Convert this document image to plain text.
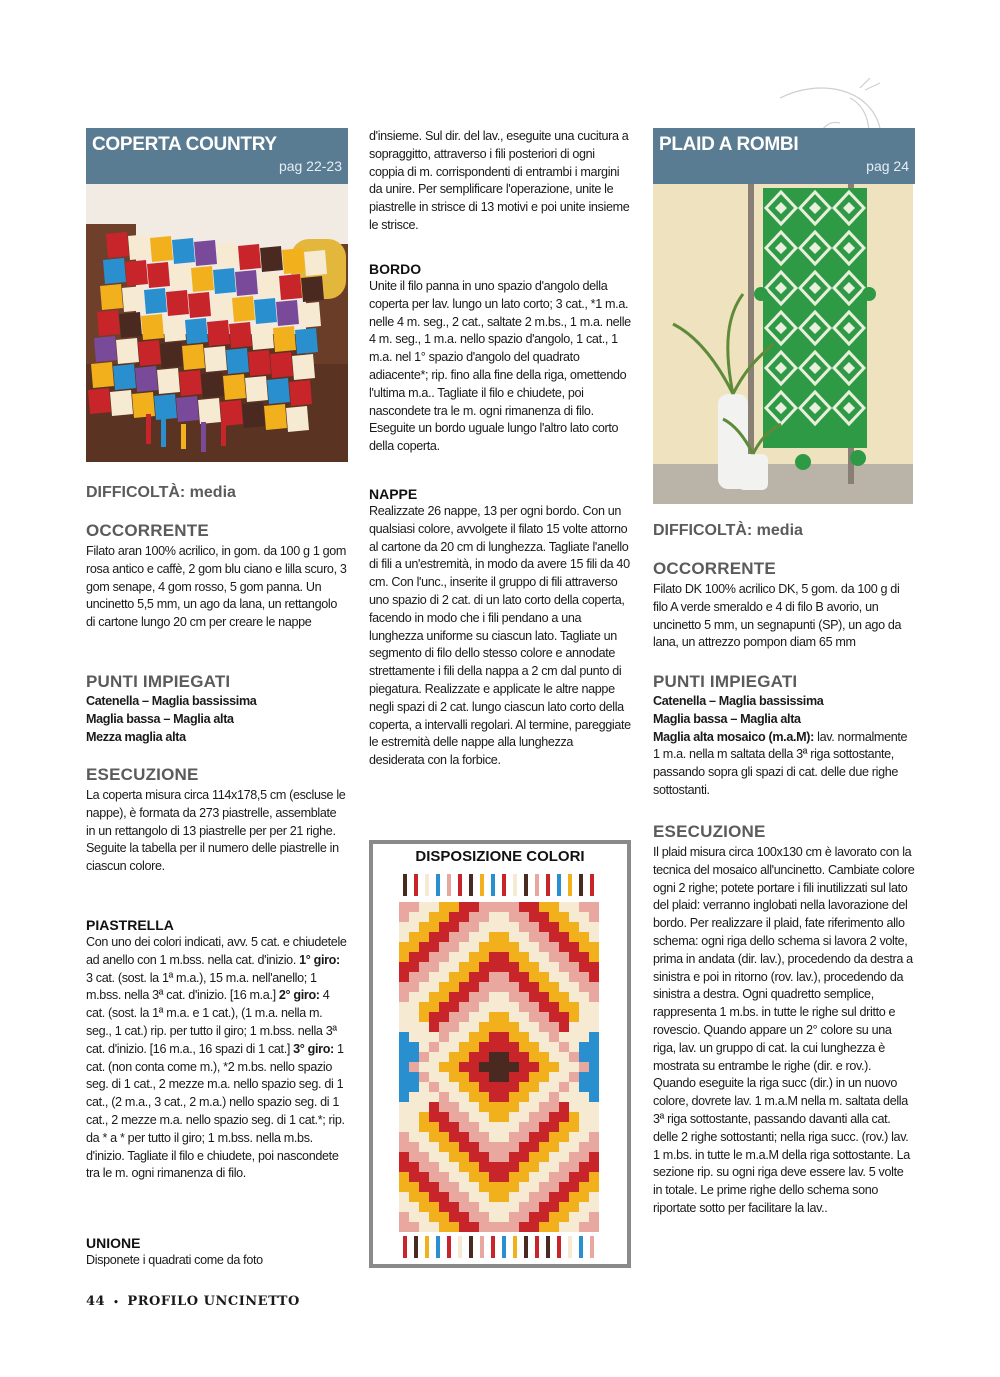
COPERTA COUNTRY
pag 22-23

DIFFICOLTÀ: media

OCCORRENTE

Filato aran 100% acrilico, in gom. da 100 g 1 gom rosa antico e caffè, 2 gom blu ciano e lilla scuro, 3 gom senape, 4 gom rosso, 5 gom panna. Un uncinetto 5,5 mm, un ago da lana, un rettangolo di cartone lungo 20 cm per creare le nappe

PUNTI IMPIEGATI

Catenella – Maglia bassissima

Maglia bassa – Maglia alta

Mezza maglia alta

ESECUZIONE

La coperta misura circa 114x178,5 cm (escluse le nappe), è formata da 273 piastrelle, assemblate in un rettangolo di 13 piastrelle per per 21 righe.

Seguite la tabella per il numero delle piastrelle in ciascun colore.

PIASTRELLA

Con uno dei colori indicati, avv. 5 cat. e chiudetele ad anello con 1 m.bss. nella cat. d'inizio. 1° giro: 3 cat. (sost. la 1ª m.a.), 15 m.a. nell'anello; 1 m.bss. nella 3ª cat. d'inizio. [16 m.a.] 2° giro: 4 cat. (sost. la 1ª m.a. e 1 cat.), (1 m.a. nella m. seg., 1 cat.) rip. per tutto il giro; 1 m.bss. nella 3ª cat. d'inizio. [16 m.a., 16 spazi di 1 cat.] 3° giro: 1 cat. (non conta come m.), *2 m.bs. nello spazio seg. di 1 cat., 2 mezze m.a. nello spazio seg. di 1 cat., (2 m.a., 3 cat., 2 m.a.) nello spazio seg. di 1 cat., 2 mezze m.a. nello spazio seg. di 1 cat.*; rip. da * a * per tutto il giro; 1 m.bss. nella m.bs. d'inizio. Tagliate il filo e chiudete, poi nascondete tra le m. ogni rimanenza di filo.

UNIONE

Disponete i quadrati come da foto

d'insieme. Sul dir. del lav., eseguite una cucitura a sopraggitto, attraverso i fili posteriori di ogni coppia di m. corrispondenti di entrambi i margini da unire. Per semplificare l'operazione, unite le piastrelle in strisce di 13 motivi e poi unite insieme le strisce.

BORDO

Unite il filo panna in uno spazio d'angolo della coperta per lav. lungo un lato corto; 3 cat., *1 m.a. nelle 4 m. seg., 2 cat., saltate 2 m.bs., 1 m.a. nelle 4 m. seg., 1 m.a. nello spazio d'angolo, 1 cat., 1 m.a. nel 1° spazio d'angolo del quadrato adiacente*; rip. fino alla fine della riga, omettendo l'ultima m.a.. Tagliate il filo e chiudete, poi nascondete tra le m. ogni rimanenza di filo. Eseguite un bordo uguale lungo l'altro lato corto della coperta.

NAPPE

Realizzate 26 nappe, 13 per ogni bordo. Con un qualsiasi colore, avvolgete il filato 15 volte attorno al cartone da 20 cm di lunghezza. Tagliate l'anello di fili a un'estremità, in modo da avere 15 fili da 40 cm. Con l'unc., inserite il gruppo di fili attraverso uno spazio di 2 cat. di un lato corto della coperta, facendo in modo che i fili pendano a una lunghezza uniforme su ciascun lato. Tagliate un segmento di filo dello stesso colore e annodate strettamente i fili della nappa a 2 cm dal punto di piegatura. Realizzate e applicate le altre nappe negli spazi di 2 cat. lungo ciascun lato corto della coperta, a intervalli regolari. Al termine, pareggiate le estremità delle nappe alla lunghezza desiderata con la forbice.

DISPOSIZIONE COLORI
PLAID A ROMBI
pag 24

DIFFICOLTÀ: media

OCCORRENTE

Filato DK 100% acrilico DK, 5 gom. da 100 g di filo A verde smeraldo e 4 di filo B avorio, un uncinetto 5 mm, un segnapunti (SP), un ago da lana, un attrezzo pompon diam 65 mm

PUNTI IMPIEGATI

Catenella – Maglia bassissima

Maglia bassa – Maglia alta

Maglia alta mosaico (m.a.M): lav. normalmente 1 m.a. nella m saltata della 3ª riga sottostante, passando sopra gli spazi di cat. delle due righe sottostanti.

ESECUZIONE

Il plaid misura circa 100x130 cm è lavorato con la tecnica del mosaico all'uncinetto. Cambiate colore ogni 2 righe; potete portare i fili inutilizzati sul lato del plaid: verranno inglobati nella lavorazione del bordo. Per realizzare il plaid, fate riferimento allo schema: ogni riga dello schema si lavora 2 volte, prima in andata (dir. lav.), procedendo da destra a sinistra e poi in ritorno (rov. lav.), procedendo da sinistra a destra. Ogni quadretto semplice, rappresenta 1 m.bs. in tutte le righe sul dritto e rovescio. Quando appare un 2° colore su una riga, lav. un gruppo di cat. la cui lunghezza è mostrata su entrambe le righe (dir. e rov.). Quando eseguite la riga succ (dir.) in un nuovo colore, dovrete lav. 1 m.a.M nella m. saltata della 3ª riga sottostante, passando davanti alla cat. delle 2 righe sottostanti; nella riga succ. (rov.) lav. 1 m.bs. in tutte le m.a.M della riga sottostante. La sezione rip. su ogni riga deve essere lav. 5 volte in totale. Le prime righe dello schema sono riportate sotto per facilitare la lav..

44 • PROFILO UNCINETTO
